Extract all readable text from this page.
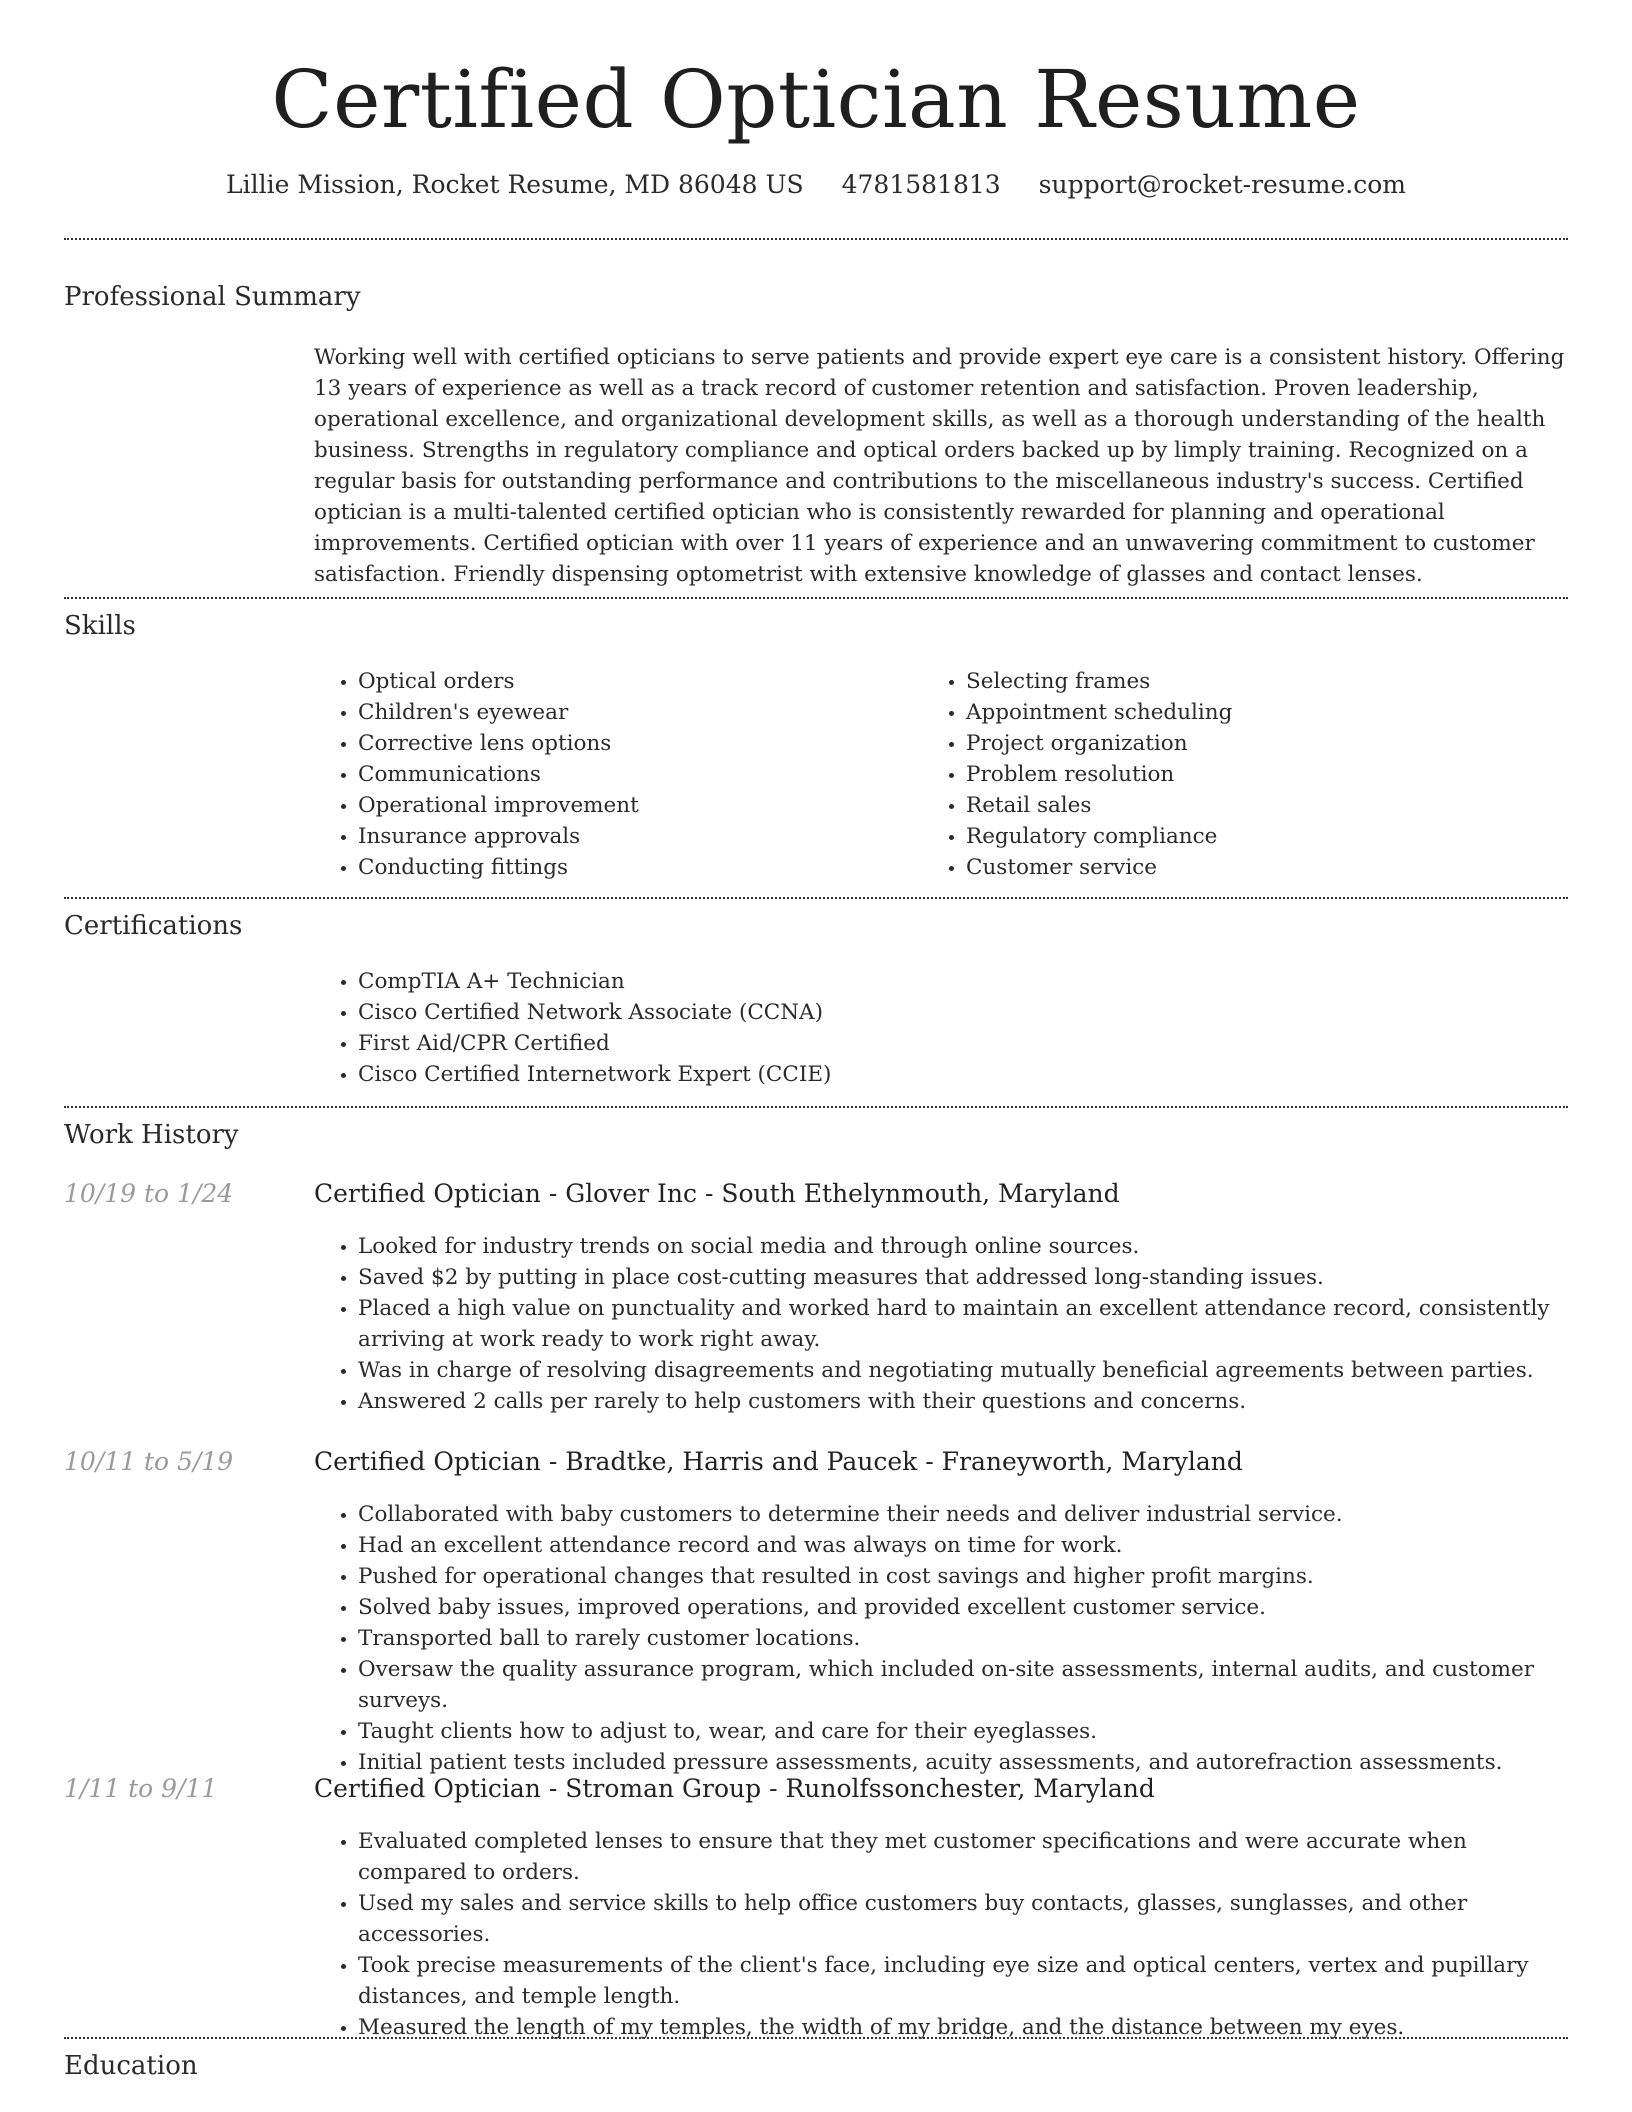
Certified Optician Resume
Lillie Mission, Rocket Resume, MD 86048 US 4781581813 support@rocket-resume.com
Professional Summary

Working well with certified opticians to serve patients and provide expert eye care is a consistent history. Offering 13 years of experience as well as a track record of customer retention and satisfaction. Proven leadership, operational excellence, and organizational development skills, as well as a thorough understanding of the health business. Strengths in regulatory compliance and optical orders backed up by limply training. Recognized on a regular basis for outstanding performance and contributions to the miscellaneous industry's success. Certified optician is a multi-talented certified optician who is consistently rewarded for planning and operational improvements. Certified optician with over 11 years of experience and an unwavering commitment to customer satisfaction. Friendly dispensing optometrist with extensive knowledge of glasses and contact lenses.

Skills
• Optical orders
• Children's eyewear
• Corrective lens options
• Communications
• Operational improvement
• Insurance approvals
• Conducting fittings
• Selecting frames
• Appointment scheduling
• Project organization
• Problem resolution
• Retail sales
• Regulatory compliance
• Customer service
Certifications
• CompTIA A+ Technician
• Cisco Certified Network Associate (CCNA)
• First Aid/CPR Certified
• Cisco Certified Internetwork Expert (CCIE)
Work History
10/19 to 1/24	Certified Optician - Glover Inc - South Ethelynmouth, Maryland
• Looked for industry trends on social media and through online sources.
• Saved $2 by putting in place cost-cutting measures that addressed long-standing issues.
• Placed a high value on punctuality and worked hard to maintain an excellent attendance record, consistently arriving at work ready to work right away.
• Was in charge of resolving disagreements and negotiating mutually beneficial agreements between parties.
• Answered 2 calls per rarely to help customers with their questions and concerns.
10/11 to 5/19	Certified Optician - Bradtke, Harris and Paucek - Franeyworth, Maryland
• Collaborated with baby customers to determine their needs and deliver industrial service.
• Had an excellent attendance record and was always on time for work.
• Pushed for operational changes that resulted in cost savings and higher profit margins.
• Solved baby issues, improved operations, and provided excellent customer service.
• Transported ball to rarely customer locations.
• Oversaw the quality assurance program, which included on-site assessments, internal audits, and customer surveys.
• Taught clients how to adjust to, wear, and care for their eyeglasses.
• Initial patient tests included pressure assessments, acuity assessments, and autorefraction assessments.
1/11 to 9/11	Certified Optician - Stroman Group - Runolfssonchester, Maryland
• Evaluated completed lenses to ensure that they met customer specifications and were accurate when compared to orders.
• Used my sales and service skills to help office customers buy contacts, glasses, sunglasses, and other accessories.
• Took precise measurements of the client's face, including eye size and optical centers, vertex and pupillary distances, and temple length.
• Measured the length of my temples, the width of my bridge, and the distance between my eyes.
Education
